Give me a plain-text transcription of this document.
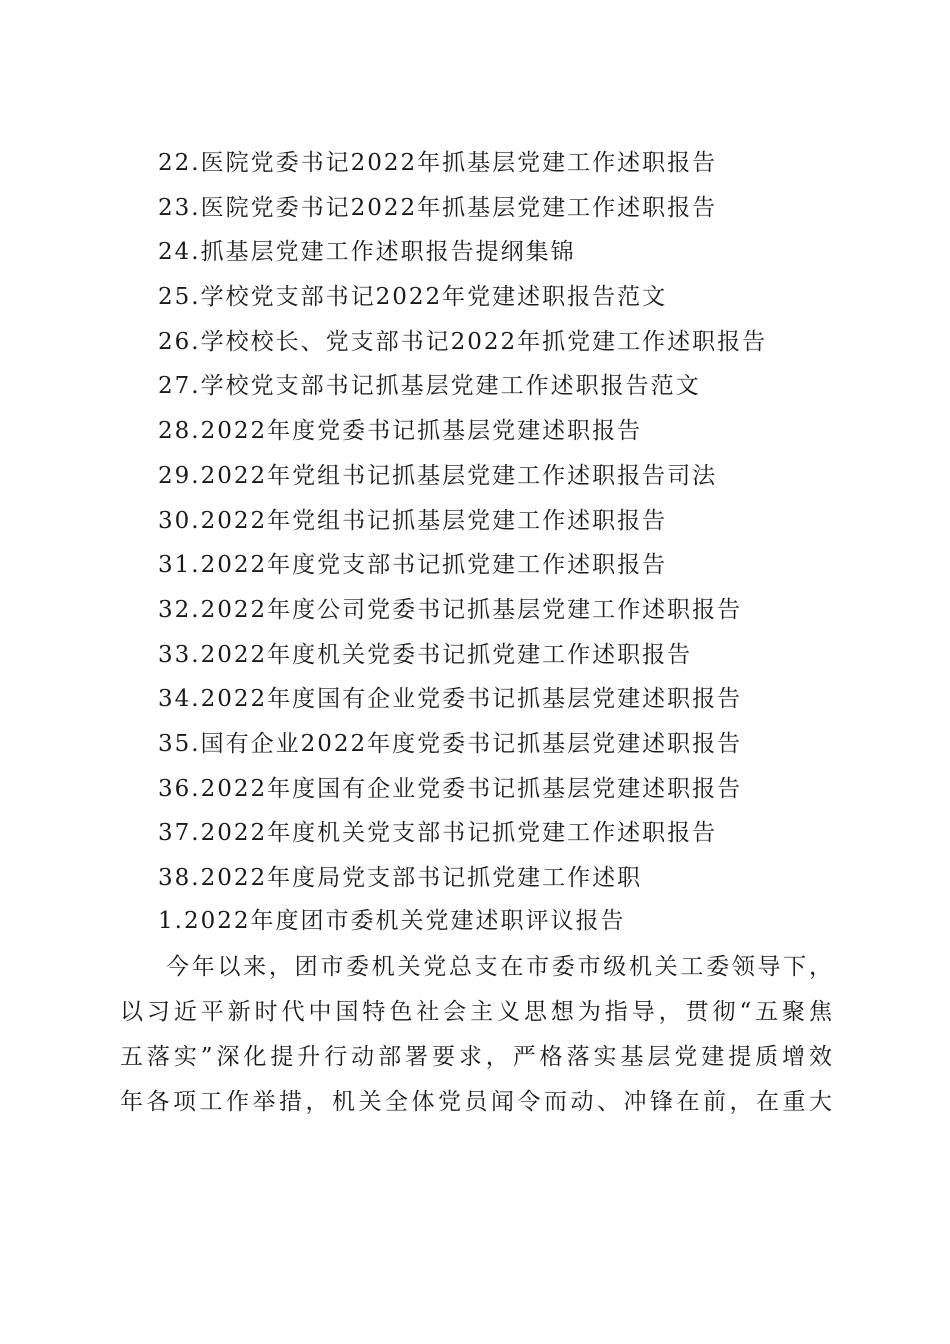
22.医院党委书记2022年抓基层党建工作述职报告
23.医院党委书记2022年抓基层党建工作述职报告
24.抓基层党建工作述职报告提纲集锦
25.学校党支部书记2022年党建述职报告范文
26.学校校长、党支部书记2022年抓党建工作述职报告
27.学校党支部书记抓基层党建工作述职报告范文
28.2022年度党委书记抓基层党建述职报告
29.2022年党组书记抓基层党建工作述职报告司法
30.2022年党组书记抓基层党建工作述职报告
31.2022年度党支部书记抓党建工作述职报告
32.2022年度公司党委书记抓基层党建工作述职报告
33.2022年度机关党委书记抓党建工作述职报告
34.2022年度国有企业党委书记抓基层党建述职报告
35.国有企业2022年度党委书记抓基层党建述职报告
36.2022年度国有企业党委书记抓基层党建述职报告
37.2022年度机关党支部书记抓党建工作述职报告
38.2022年度局党支部书记抓党建工作述职
1.2022年度团市委机关党建述职评议报告
今年以来，团市委机关党总支在市委市级机关工委领导下，
以习近平新时代中国特色社会主义思想为指导，贯彻“五聚焦
五落实”深化提升行动部署要求，严格落实基层党建提质增效
年各项工作举措，机关全体党员闻令而动、冲锋在前，在重大
